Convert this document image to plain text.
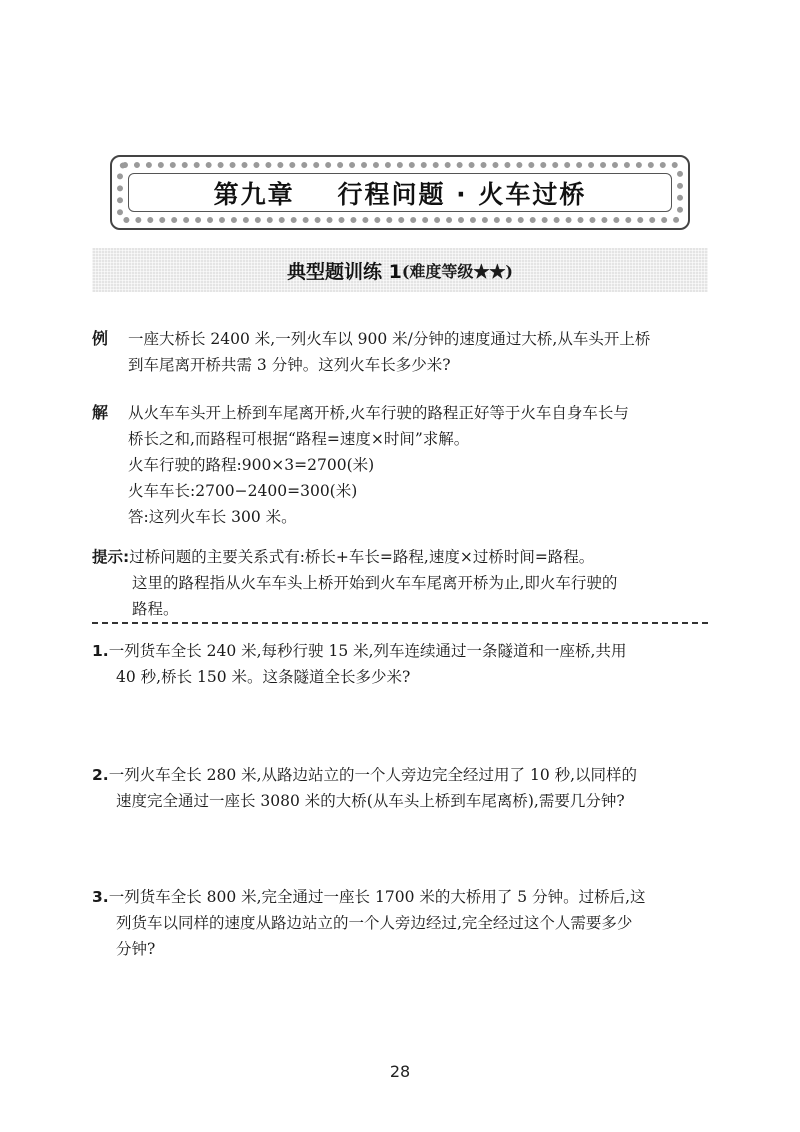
第九章    行程问题 · 火车过桥
典型题训练 1 (难度等级★★)
例 一座大桥长 2400 米,一列火车以 900 米/分钟的速度通过大桥,从车头开上桥
到车尾离开桥共需 3 分钟。这列火车长多少米?
解 从火车车头开上桥到车尾离开桥,火车行驶的路程正好等于火车自身车长与
桥长之和,而路程可根据“路程=速度×时间”求解。
火车行驶的路程:900×3=2700(米)
火车车长:2700−2400=300(米)
答:这列火车长 300 米。
提示:过桥问题的主要关系式有:桥长+车长=路程,速度×过桥时间=路程。
这里的路程指从火车车头上桥开始到火车车尾离开桥为止,即火车行驶的
路程。
1.一列货车全长 240 米,每秒行驶 15 米,列车连续通过一条隧道和一座桥,共用
40 秒,桥长 150 米。这条隧道全长多少米?
2.一列火车全长 280 米,从路边站立的一个人旁边完全经过用了 10 秒,以同样的
速度完全通过一座长 3080 米的大桥(从车头上桥到车尾离桥),需要几分钟?
3.一列货车全长 800 米,完全通过一座长 1700 米的大桥用了 5 分钟。过桥后,这
列货车以同样的速度从路边站立的一个人旁边经过,完全经过这个人需要多少
分钟?
28
